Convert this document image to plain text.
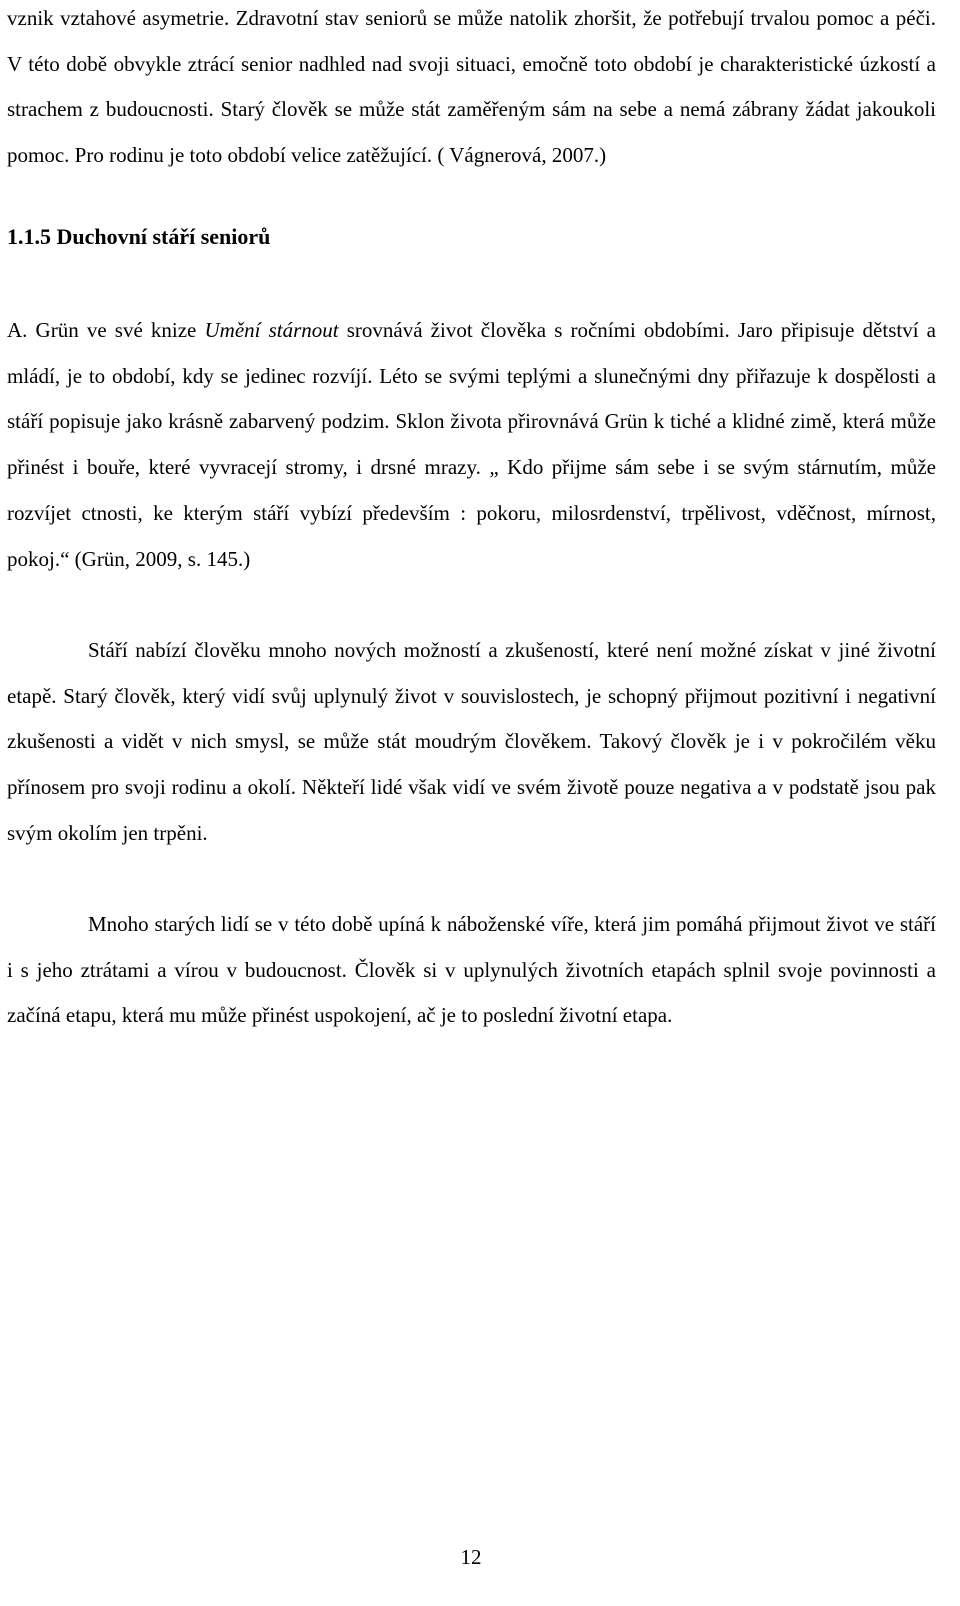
vznik vztahové asymetrie. Zdravotní stav seniorů se může natolik zhoršit, že potřebují trvalou pomoc a péči. V této době obvykle ztrácí senior nadhled nad svoji situaci, emočně toto období je charakteristické úzkostí a strachem z budoucnosti. Starý člověk se může stát zaměřeným sám na sebe a nemá zábrany žádat jakoukoli pomoc. Pro rodinu je toto období velice zatěžující. ( Vágnerová, 2007.)

1.1.5 Duchovní stáří seniorů

A. Grün ve své knize Umění stárnout srovnává život člověka s ročními obdobími. Jaro připisuje dětství a mládí, je to období, kdy se jedinec rozvíjí. Léto se svými teplými a slunečnými dny přiřazuje k dospělosti a stáří popisuje jako krásně zabarvený podzim. Sklon života přirovnává Grün k tiché a klidné zimě, která může přinést i bouře, které vyvracejí stromy, i drsné mrazy. „ Kdo přijme sám sebe i se svým stárnutím, může rozvíjet ctnosti, ke kterým stáří vybízí především : pokoru, milosrdenství, trpělivost, vděčnost, mírnost, pokoj.“ (Grün, 2009, s. 145.)

Stáří nabízí člověku mnoho nových možností a zkušeností, které není možné získat v jiné životní etapě. Starý člověk, který vidí svůj uplynulý život v souvislostech, je schopný přijmout pozitivní i negativní zkušenosti a vidět v nich smysl, se může stát moudrým člověkem. Takový člověk je i v pokročilém věku přínosem pro svoji rodinu a okolí. Někteří lidé však vidí ve svém životě pouze negativa a v podstatě jsou pak svým okolím jen trpěni.

Mnoho starých lidí se v této době upíná k náboženské víře, která jim pomáhá přijmout život ve stáří i s jeho ztrátami a vírou v budoucnost. Člověk si v uplynulých životních etapách splnil svoje povinnosti a začíná etapu, která mu může přinést uspokojení, ač je to poslední životní etapa.

12
